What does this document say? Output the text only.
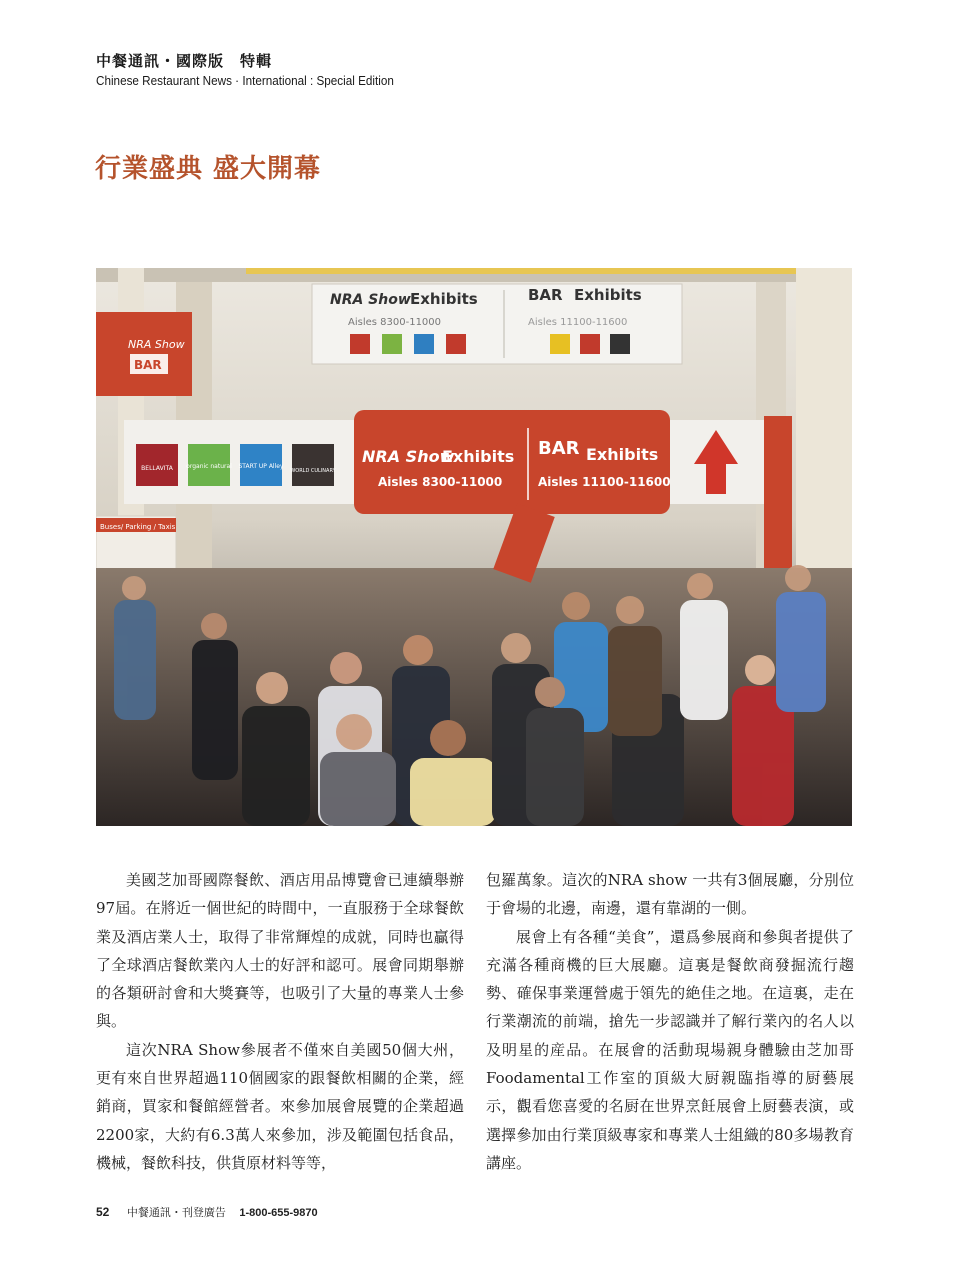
中餐通訊・國際版　特輯
Chinese Restaurant News · International : Special Edition
行業盛典 盛大開幕
NRA Show Exhibits
Aisles 8300-11000
BAR Exhibits
Aisles 11100-11600
NRA Show
BAR
BELLAVITA organic natural START UP Alley
WORLD CULINARY
NRA Show
Exhibits
Aisles 8300-11000
BAR Exhibits
Aisles 11100-11600
Buses/ Parking / Taxis

美國芝加哥國際餐飲、酒店用品博覽會已連續舉辦97屆。在將近一個世紀的時間中，一直服務于全球餐飲業及酒店業人士，取得了非常輝煌的成就，同時也贏得了全球酒店餐飲業內人士的好評和認可。展會同期舉辦的各類研討會和大獎賽等，也吸引了大量的專業人士參與。

這次NRA Show參展者不僅來自美國50個大州，更有來自世界超過110個國家的跟餐飲相關的企業，經銷商，買家和餐館經營者。來參加展會展覽的企業超過2200家，大約有6.3萬人來參加，涉及範圍包括食品，機械，餐飲科技，供貨原材料等等，

包羅萬象。這次的NRA show 一共有3個展廳，分別位于會場的北邊，南邊，還有靠湖的一側。

展會上有各種“美食”，還爲參展商和參與者提供了充滿各種商機的巨大展廳。這裏是餐飲商發掘流行趨勢、確保事業運營處于領先的絶佳之地。在這裏，走在行業潮流的前端，搶先一步認識并了解行業內的名人以及明星的産品。在展會的活動現場親身體驗由芝加哥Foodamental工作室的頂級大厨親臨指導的厨藝展示，觀看您喜愛的名厨在世界烹飪展會上厨藝表演，或選擇參加由行業頂級專家和專業人士組織的80多場教育講座。

52 中餐通訊・刊登廣告 1-800-655-9870
